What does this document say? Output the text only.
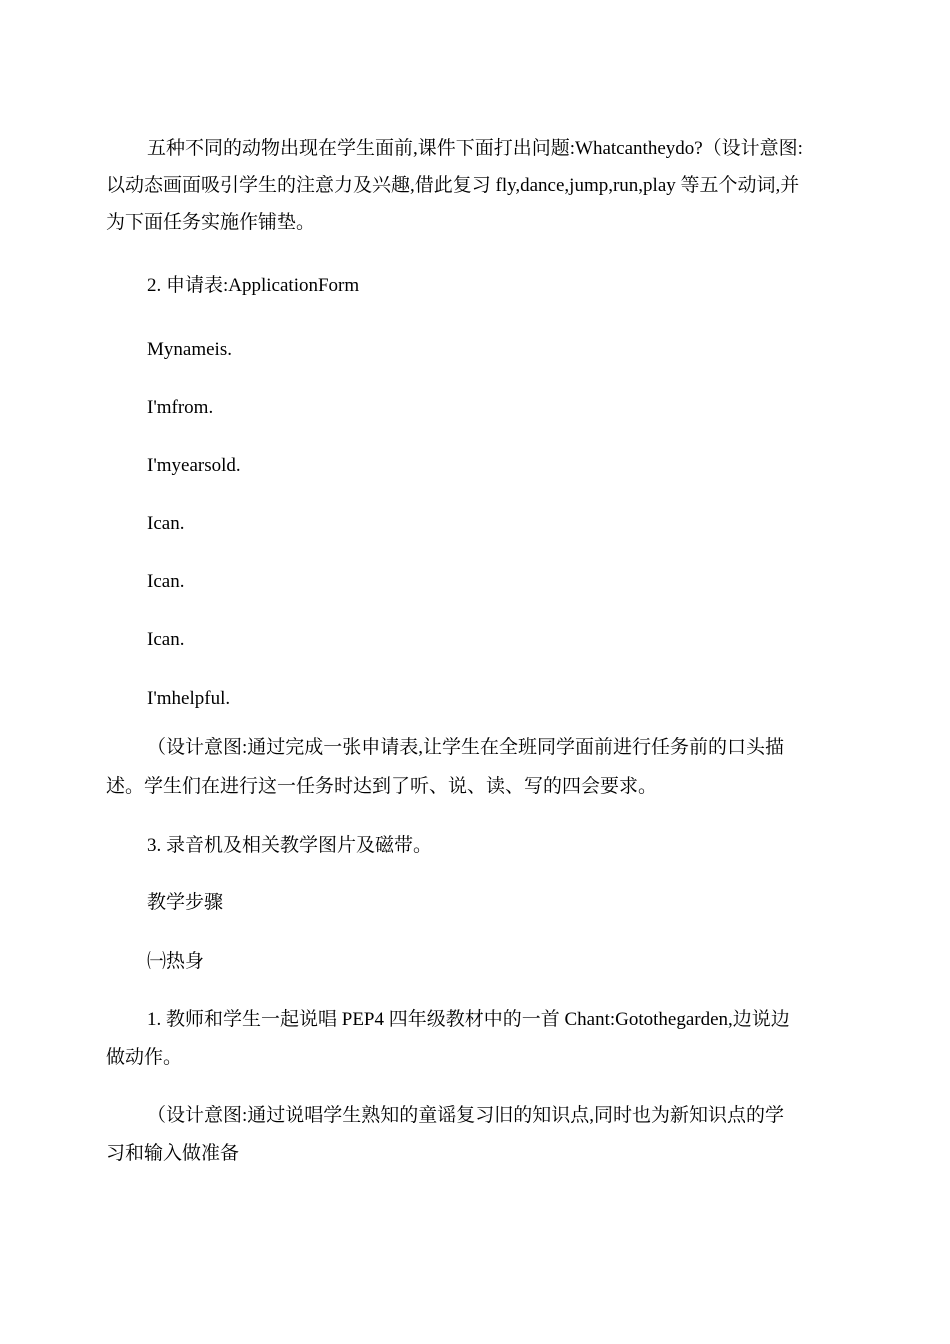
五种不同的动物出现在学生面前,课件下面打出问题:Whatcantheydo?（设计意图:
以动态画面吸引学生的注意力及兴趣,借此复习 fly,dance,jump,run,play 等五个动词,并
为下面任务实施作铺垫。
2. 申请表:ApplicationForm
Mynameis.
I'mfrom.
I'myearsold.
Ican.
Ican.
Ican.
I'mhelpful.
（设计意图:通过完成一张申请表,让学生在全班同学面前进行任务前的口头描
述。学生们在进行这一任务时达到了听、说、读、写的四会要求。
3. 录音机及相关教学图片及磁带。
教学步骤
㈠热身
1. 教师和学生一起说唱 PEP4 四年级教材中的一首 Chant:Gotothegarden,边说边
做动作。
（设计意图:通过说唱学生熟知的童谣复习旧的知识点,同时也为新知识点的学
习和输入做准备
